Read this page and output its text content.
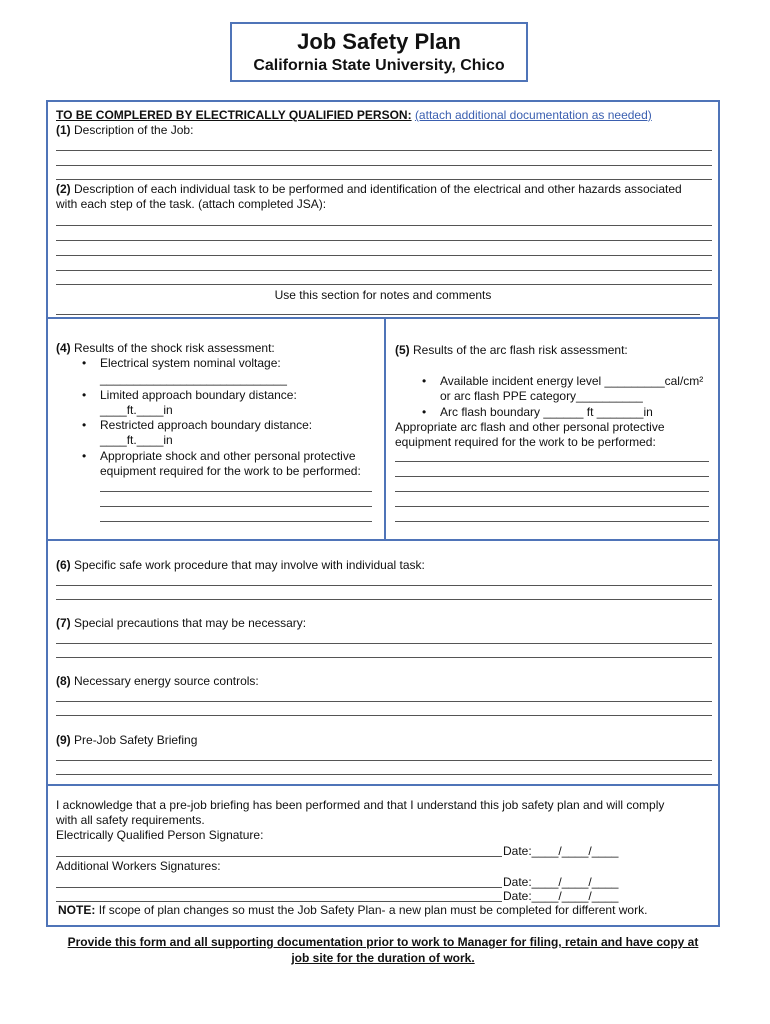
Job Safety Plan
California State University, Chico
TO BE COMPLERED BY ELECTRICALLY QUALIFIED PERSON: (attach additional documentation as needed)
(1) Description of the Job:
(2) Description of each individual task to be performed and identification of the electrical and other hazards associated
with each step of the task. (attach completed JSA):
Use this section for notes and comments
(4) Results of the shock risk assessment:
• Electrical system nominal voltage:
____________________________
• Limited approach boundary distance:
____ft.____in
• Restricted approach boundary distance:
____ft.____in
• Appropriate shock and other personal protective
equipment required for the work to be performed:
(5) Results of the arc flash risk assessment:
• Available incident energy level _________cal/cm²
or arc flash PPE category__________
• Arc flash boundary ______ ft _______in
Appropriate arc flash and other personal protective
equipment required for the work to be performed:
(6) Specific safe work procedure that may involve with individual task:
(7) Special precautions that may be necessary:
(8) Necessary energy source controls:
(9) Pre-Job Safety Briefing
I acknowledge that a pre-job briefing has been performed and that I understand this job safety plan and will comply
with all safety requirements.
Electrically Qualified Person Signature:
Date:____/____/____
Additional Workers Signatures:
Date:____/____/____
Date:____/____/____
NOTE: If scope of plan changes so must the Job Safety Plan- a new plan must be completed for different work.
Provide this form and all supporting documentation prior to work to Manager for filing, retain and have copy at
job site for the duration of work.
